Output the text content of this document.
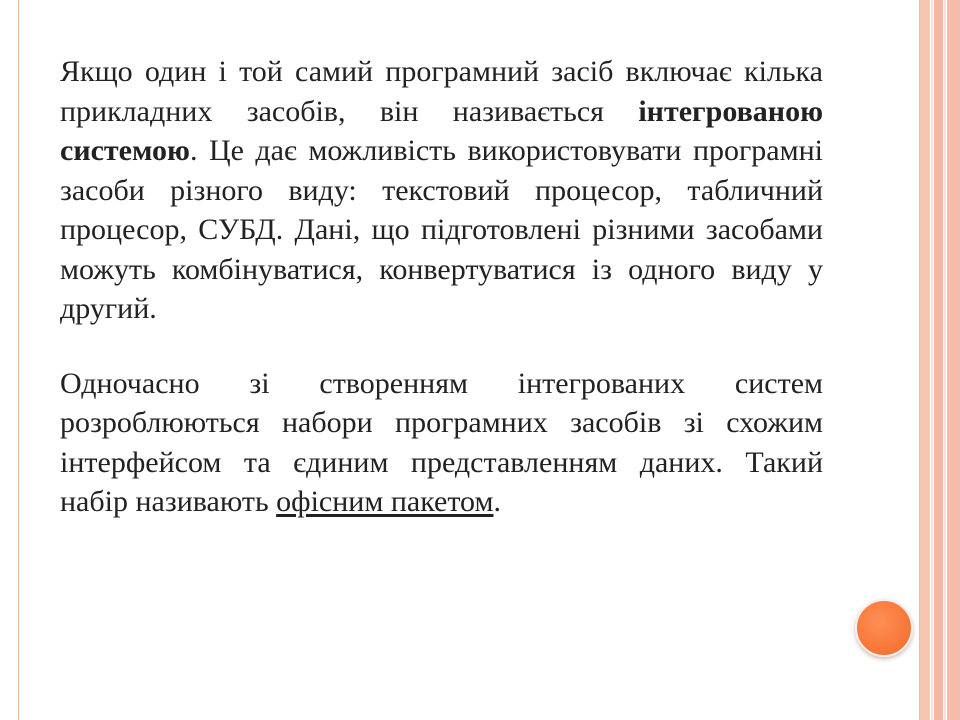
Якщо один і той самий програмний засіб включає кілька прикладних засобів, він називається інтегрованою системою. Це дає можливість використовувати програмні засоби різного виду: текстовий процесор, табличний процесор, СУБД. Дані, що підготовлені різними засобами можуть комбінуватися, конвертуватися із одного виду у другий.

Одночасно зі створенням інтегрованих систем розроблюються набори програмних засобів зі схожим інтерфейсом та єдиним представленням даних. Такий набір називають офісним пакетом.
